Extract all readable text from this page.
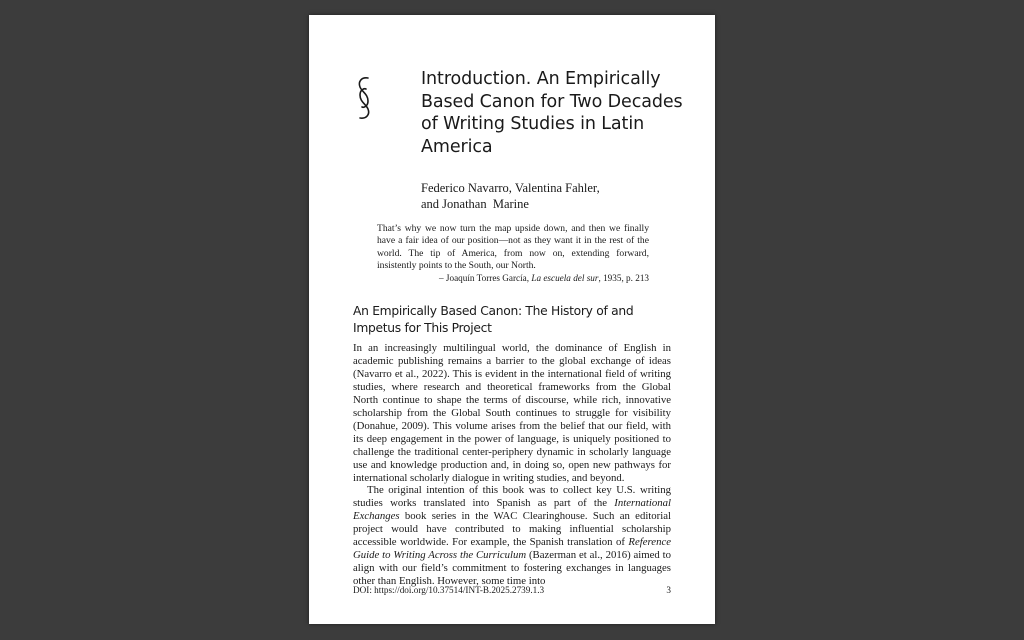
Introduction. An Empirically Based Canon for Two Decades of Writing Studies in Latin America
Federico Navarro, Valentina Fahler,
and Jonathan  Marine

That’s why we now turn the map upside down, and then we finally have a fair idea of our position—not as they want it in the rest of the world. The tip of America, from now on, extending forward, insistently points to the South, our North.

– Joaquín Torres García, La escuela del sur, 1935, p. 213
An Empirically Based Canon: The History of and Impetus for This Project

In an increasingly multilingual world, the dominance of English in academic publishing remains a barrier to the global exchange of ideas (Navarro et al., 2022). This is evident in the international field of writing studies, where research and theoretical frameworks from the Global North continue to shape the terms of discourse, while rich, innovative scholarship from the Global South continues to struggle for visibility (Donahue, 2009). This volume arises from the belief that our field, with its deep engagement in the power of language, is uniquely positioned to challenge the traditional center-periphery dynamic in scholarly language use and knowledge production and, in doing so, open new pathways for international scholarly dialogue in writing studies, and beyond.

The original intention of this book was to collect key U.S. writing studies works translated into Spanish as part of the International Exchanges book series in the WAC Clearinghouse. Such an editorial project would have contributed to making influential scholarship accessible worldwide. For example, the Spanish translation of Reference Guide to Writing Across the Curriculum (Bazerman et al., 2016) aimed to align with our field’s commitment to fostering exchanges in languages other than English. However, some time into

DOI: https://doi.org/10.37514/INT-B.2025.2739.1.3	3
